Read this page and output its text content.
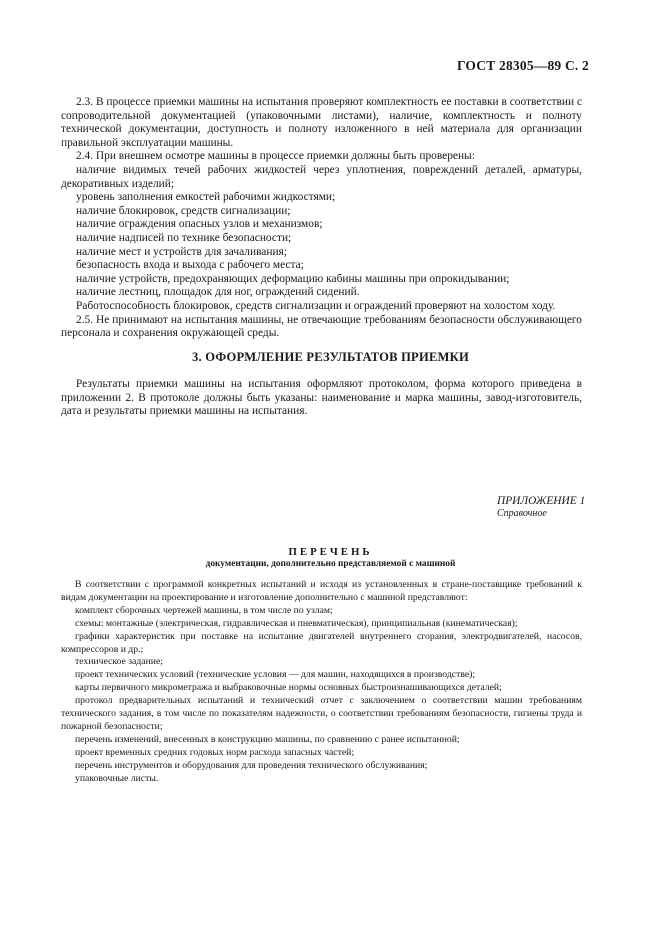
ГОСТ 28305—89 С. 2

2.3. В процессе приемки машины на испытания проверяют комплектность ее поставки в соответствии с сопроводительной документацией (упаковочными листами), наличие, комплектность и полноту технической документации, доступность и полноту изложенного в ней материала для организации правильной эксплуатации машины.

2.4. При внешнем осмотре машины в процессе приемки должны быть проверены:

наличие видимых течей рабочих жидкостей через уплотнения, повреждений деталей, арматуры, декоративных изделий;

уровень заполнения емкостей рабочими жидкостями;

наличие блокировок, средств сигнализации;

наличие ограждения опасных узлов и механизмов;

наличие надписей по технике безопасности;

наличие мест и устройств для зачаливания;

безопасность входа и выхода с рабочего места;

наличие устройств, предохраняющих деформацию кабины машины при опрокидывании;

наличие лестниц, площадок для ног, ограждений сидений.

Работоспособность блокировок, средств сигнализации и ограждений проверяют на холостом ходу.

2.5. Не принимают на испытания машины, не отвечающие требованиям безопасности обслуживающего персонала и сохранения окружающей среды.

3. ОФОРМЛЕНИЕ РЕЗУЛЬТАТОВ ПРИЕМКИ

Результаты приемки машины на испытания оформляют протоколом, форма которого приведена в приложении 2. В протоколе должны быть указаны: наименование и марка машины, завод-изготовитель, дата и результаты приемки машины на испытания.

ПРИЛОЖЕНИЕ 1
Справочное
ПЕРЕЧЕНЬ
документации, дополнительно представляемой с машиной

В соответствии с программой конкретных испытаний и исходя из установленных в стране-поставщике требований к видам документации на проектирование и изготовление дополнительно с машиной представляют:

комплект сборочных чертежей машины, в том числе по узлам;

схемы: монтажные (электрическая, гидравлическая и пневматическая), принципиальная (кинематическая);

графики характеристик при поставке на испытание двигателей внутреннего сгорания, электродвигателей, насосов, компрессоров и др.;

техническое задание;

проект технических условий (технические условия — для машин, находящихся в производстве);

карты первичного микрометража и выбраковочные нормы основных быстроизнашивающихся деталей;

протокол предварительных испытаний и технический отчет с заключением о соответствии машин требованиям технического задания, в том числе по показателям надежности, о соответствии требованиям безопасности, гигиены труда и пожарной безопасности;

перечень изменений, внесенных в конструкцию машины, по сравнению с ранее испытанной;

проект временных средних годовых норм расхода запасных частей;

перечень инструментов и оборудования для проведения технического обслуживания;

упаковочные листы.
